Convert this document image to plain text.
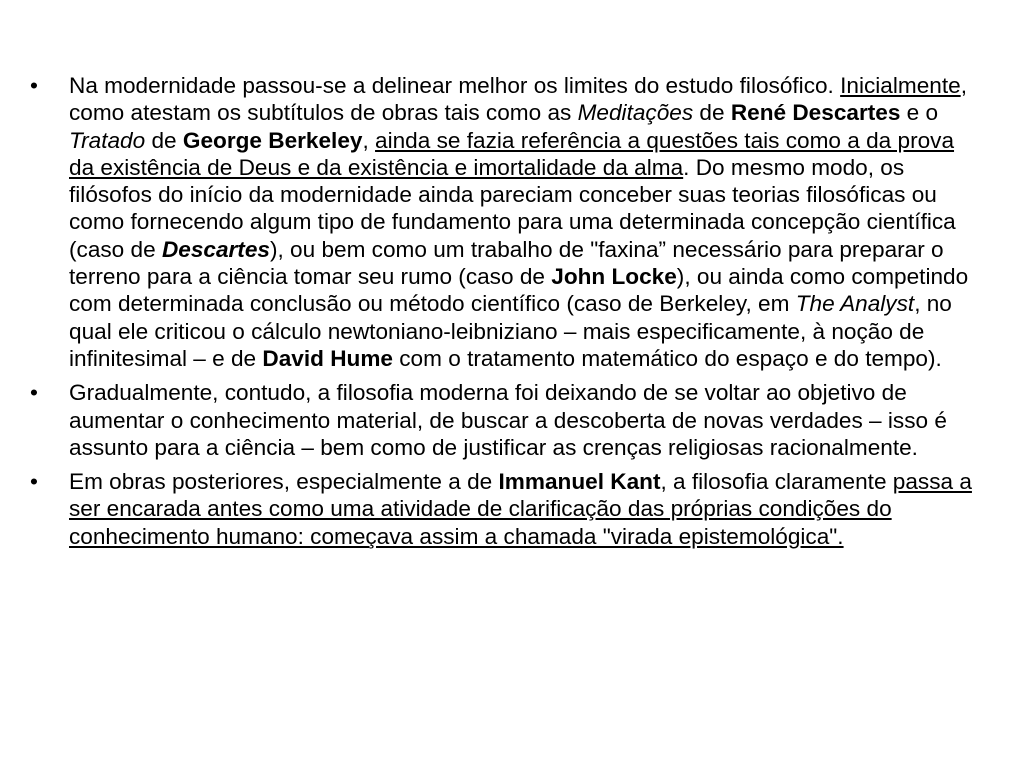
• Na modernidade passou-se a delinear melhor os limites do estudo filosófico. Inicialmente, como atestam os subtítulos de obras tais como as Meditações de René Descartes e o Tratado de George Berkeley, ainda se fazia referência a questões tais como a da prova da existência de Deus e da existência e imortalidade da alma. Do mesmo modo, os filósofos do início da modernidade ainda pareciam conceber suas teorias filosóficas ou como fornecendo algum tipo de fundamento para uma determinada concepção científica (caso de Descartes), ou bem como um trabalho de "faxina” necessário para preparar o terreno para a ciência tomar seu rumo (caso de John Locke), ou ainda como competindo com determinada conclusão ou método científico (caso de Berkeley, em The Analyst, no qual ele criticou o cálculo newtoniano-leibniziano – mais especificamente, à noção de infinitesimal – e de David Hume com o tratamento matemático do espaço e do tempo).
• Gradualmente, contudo, a filosofia moderna foi deixando de se voltar ao objetivo de aumentar o conhecimento material, de buscar a descoberta de novas verdades – isso é assunto para a ciência – bem como de justificar as crenças religiosas racionalmente.
• Em obras posteriores, especialmente a de Immanuel Kant, a filosofia claramente passa a ser encarada antes como uma atividade de clarificação das próprias condições do conhecimento humano: começava assim a chamada "virada epistemológica".
